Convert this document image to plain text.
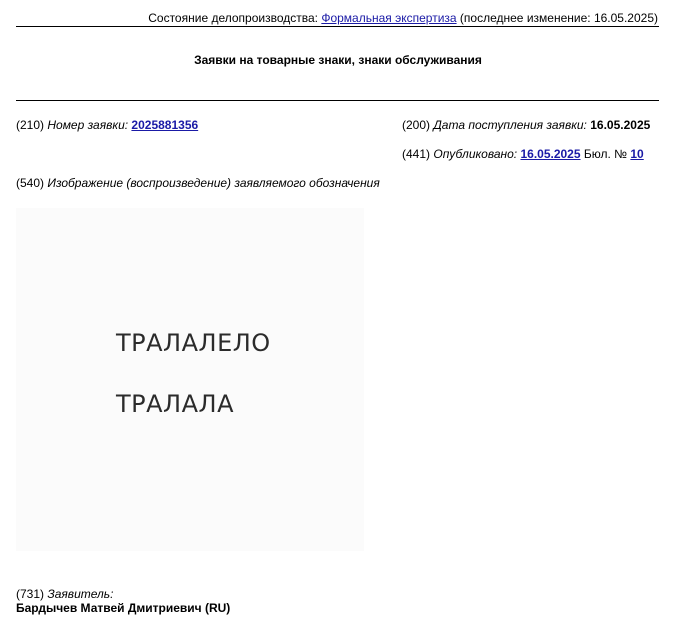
Состояние делопроизводства: Формальная экспертиза (последнее изменение: 16.05.2025)
Заявки на товарные знаки, знаки обслуживания
(210) Номер заявки: 2025881356	(200) Дата поступления заявки: 16.05.2025
(441) Опубликовано: 16.05.2025 Бюл. № 10
(540) Изображение (воспроизведение) заявляемого обозначения
ТРАЛАЛЕЛО
ТРАЛАЛА
(731) Заявитель:
Бардычев Матвей Дмитриевич (RU)
